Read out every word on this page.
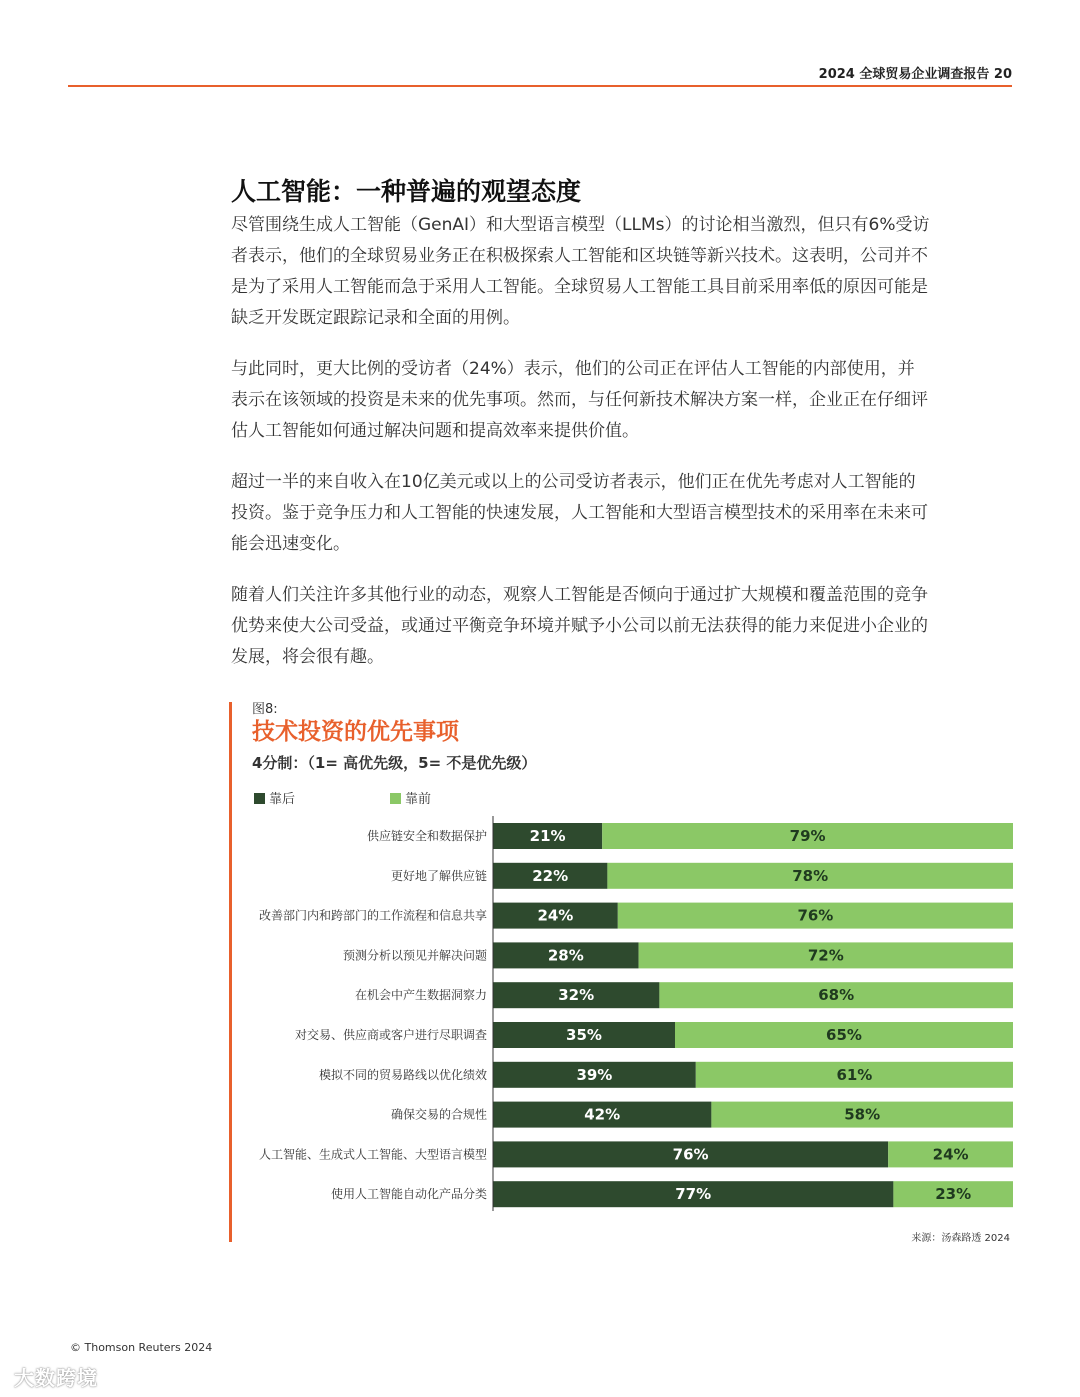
2024 全球贸易企业调查报告 20
人工智能：一种普遍的观望态度

尽管围绕生成人工智能（GenAI）和大型语言模型（LLMs）的讨论相当激烈，但只有6%受访者表示，他们的全球贸易业务正在积极探索人工智能和区块链等新兴技术。这表明，公司并不是为了采用人工智能而急于采用人工智能。全球贸易人工智能工具目前采用率低的原因可能是缺乏开发既定跟踪记录和全面的用例。

与此同时，更大比例的受访者（24%）表示，他们的公司正在评估人工智能的内部使用，并表示在该领域的投资是未来的优先事项。然而，与任何新技术解决方案一样，企业正在仔细评估人工智能如何通过解决问题和提高效率来提供价值。

超过一半的来自收入在10亿美元或以上的公司受访者表示，他们正在优先考虑对人工智能的投资。鉴于竞争压力和人工智能的快速发展，人工智能和大型语言模型技术的采用率在未来可能会迅速变化。

随着人们关注许多其他行业的动态，观察人工智能是否倾向于通过扩大规模和覆盖范围的竞争优势来使大公司受益，或通过平衡竞争环境并赋予小公司以前无法获得的能力来促进小企业的发展，将会很有趣。

图8:
技术投资的优先事项
4分制：（1= 高优先级，5= 不是优先级）
靠后	靠前
供应链安全和数据保护	21%	79%
更好地了解供应链	22%	78%
改善部门内和跨部门的工作流程和信息共享	24%	76%
预测分析以预见并解决问题	28%	72%
在机会中产生数据洞察力	32%	68%
对交易、供应商或客户进行尽职调查	35%	65%
模拟不同的贸易路线以优化绩效	39%	61%
确保交易的合规性	42%	58%
人工智能、生成式人工智能、大型语言模型	76%	24%
使用人工智能自动化产品分类	77%	23%
来源：汤森路透 2024
© Thomson Reuters 2024
大数跨境
